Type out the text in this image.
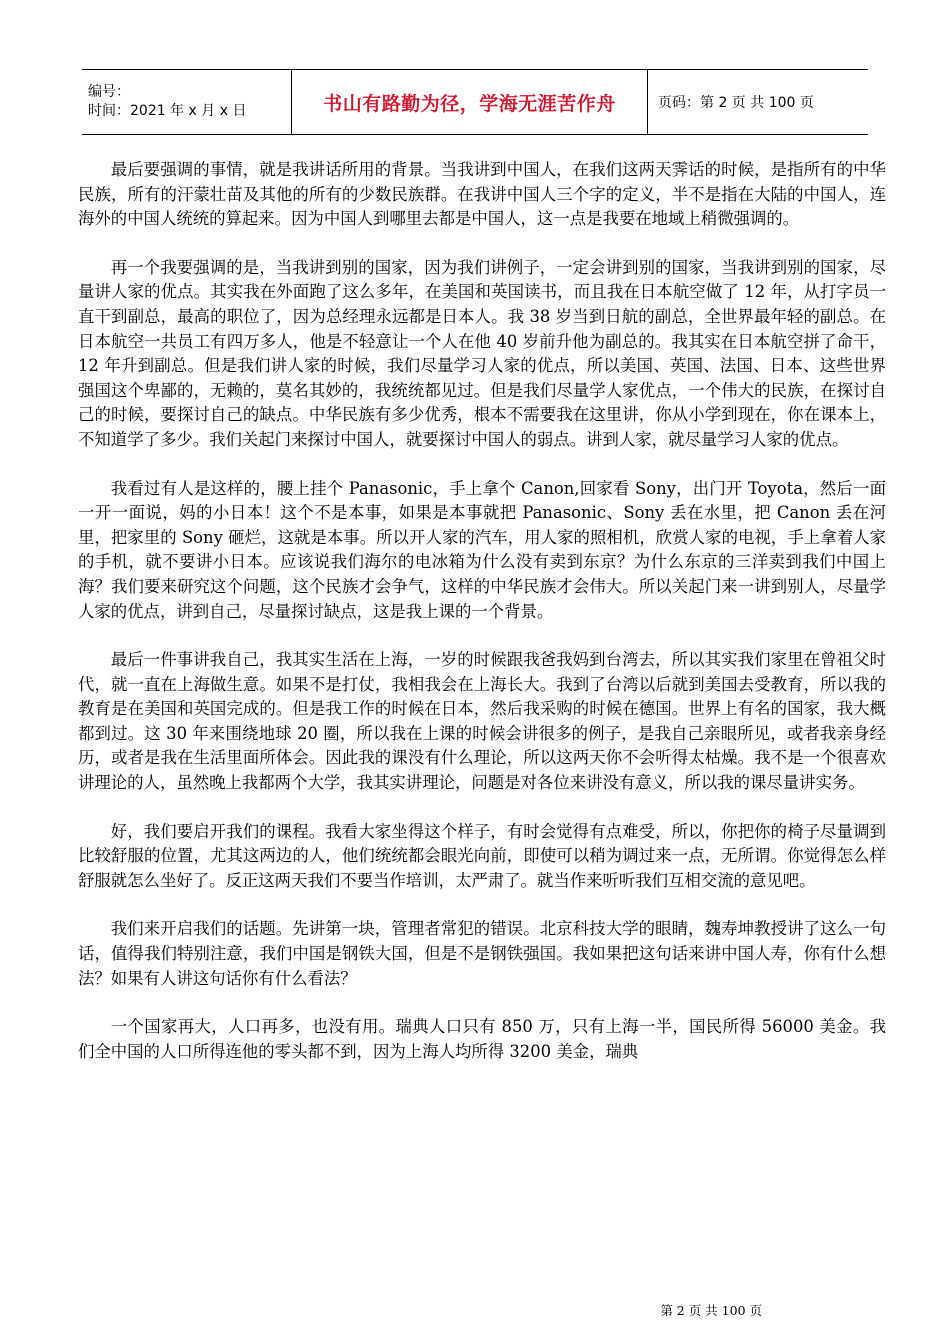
编号：
时间：2021 年 x 月 x 日	书山有路勤为径，学海无涯苦作舟	页码：第 2 页 共 100 页

最后要强调的事情，就是我讲话所用的背景。当我讲到中国人，在我们这两天霁话的时候，是指所有的中华民族，所有的汗蒙壮苗及其他的所有的少数民族群。在我讲中国人三个字的定义，半不是指在大陆的中国人，连海外的中国人统统的算起来。因为中国人到哪里去都是中国人，这一点是我要在地域上稍微强调的。

再一个我要强调的是，当我讲到别的国家，因为我们讲例子，一定会讲到别的国家，当我讲到别的国家，尽量讲人家的优点。其实我在外面跑了这么多年，在美国和英国读书，而且我在日本航空做了 12 年，从打字员一直干到副总，最高的职位了，因为总经理永远都是日本人。我 38 岁当到日航的副总，全世界最年轻的副总。在日本航空一共员工有四万多人，他是不轻意让一个人在他 40 岁前升他为副总的。我其实在日本航空拼了命干，12 年升到副总。但是我们讲人家的时候，我们尽量学习人家的优点，所以美国、英国、法国、日本、这些世界强国这个卑鄙的，无赖的，莫名其妙的，我统统都见过。但是我们尽量学人家优点，一个伟大的民族，在探讨自己的时候，要探讨自己的缺点。中华民族有多少优秀，根本不需要我在这里讲，你从小学到现在，你在课本上，不知道学了多少。我们关起门来探讨中国人，就要探讨中国人的弱点。讲到人家，就尽量学习人家的优点。

我看过有人是这样的，腰上挂个 Panasonic，手上拿个 Canon,回家看 Sony，出门开 Toyota，然后一面一开一面说，妈的小日本！这个不是本事，如果是本事就把 Panasonic、Sony 丢在水里，把 Canon 丢在河里，把家里的 Sony 砸烂，这就是本事。所以开人家的汽车，用人家的照相机，欣赏人家的电视，手上拿着人家的手机，就不要讲小日本。应该说我们海尔的电冰箱为什么没有卖到东京？为什么东京的三洋卖到我们中国上海？我们要来研究这个问题，这个民族才会争气，这样的中华民族才会伟大。所以关起门来一讲到别人，尽量学人家的优点，讲到自己，尽量探讨缺点，这是我上课的一个背景。

最后一件事讲我自己，我其实生活在上海，一岁的时候跟我爸我妈到台湾去，所以其实我们家里在曾祖父时代，就一直在上海做生意。如果不是打仗，我相我会在上海长大。我到了台湾以后就到美国去受教育，所以我的教育是在美国和英国完成的。但是我工作的时候在日本，然后我采购的时候在德国。世界上有名的国家，我大概都到过。这 30 年来围绕地球 20 圈，所以我在上课的时候会讲很多的例子，是我自己亲眼所见，或者我亲身经历，或者是我在生活里面所体会。因此我的课没有什么理论，所以这两天你不会听得太枯燥。我不是一个很喜欢讲理论的人，虽然晚上我都两个大学，我其实讲理论，问题是对各位来讲没有意义，所以我的课尽量讲实务。

好，我们要启开我们的课程。我看大家坐得这个样子，有时会觉得有点难受，所以，你把你的椅子尽量调到比较舒服的位置，尤其这两边的人，他们统统都会眼光向前，即使可以稍为调过来一点，无所谓。你觉得怎么样舒服就怎么坐好了。反正这两天我们不要当作培训，太严肃了。就当作来听听我们互相交流的意见吧。

我们来开启我们的话题。先讲第一块，管理者常犯的错误。北京科技大学的眼睛，魏寿坤教授讲了这么一句话，值得我们特别注意，我们中国是钢铁大国，但是不是钢铁强国。我如果把这句话来讲中国人寿，你有什么想法？如果有人讲这句话你有什么看法？

一个国家再大，人口再多，也没有用。瑞典人口只有 850 万，只有上海一半，国民所得 56000 美金。我们全中国的人口所得连他的零头都不到，因为上海人均所得 3200 美金，瑞典

第 2 页 共 100 页
